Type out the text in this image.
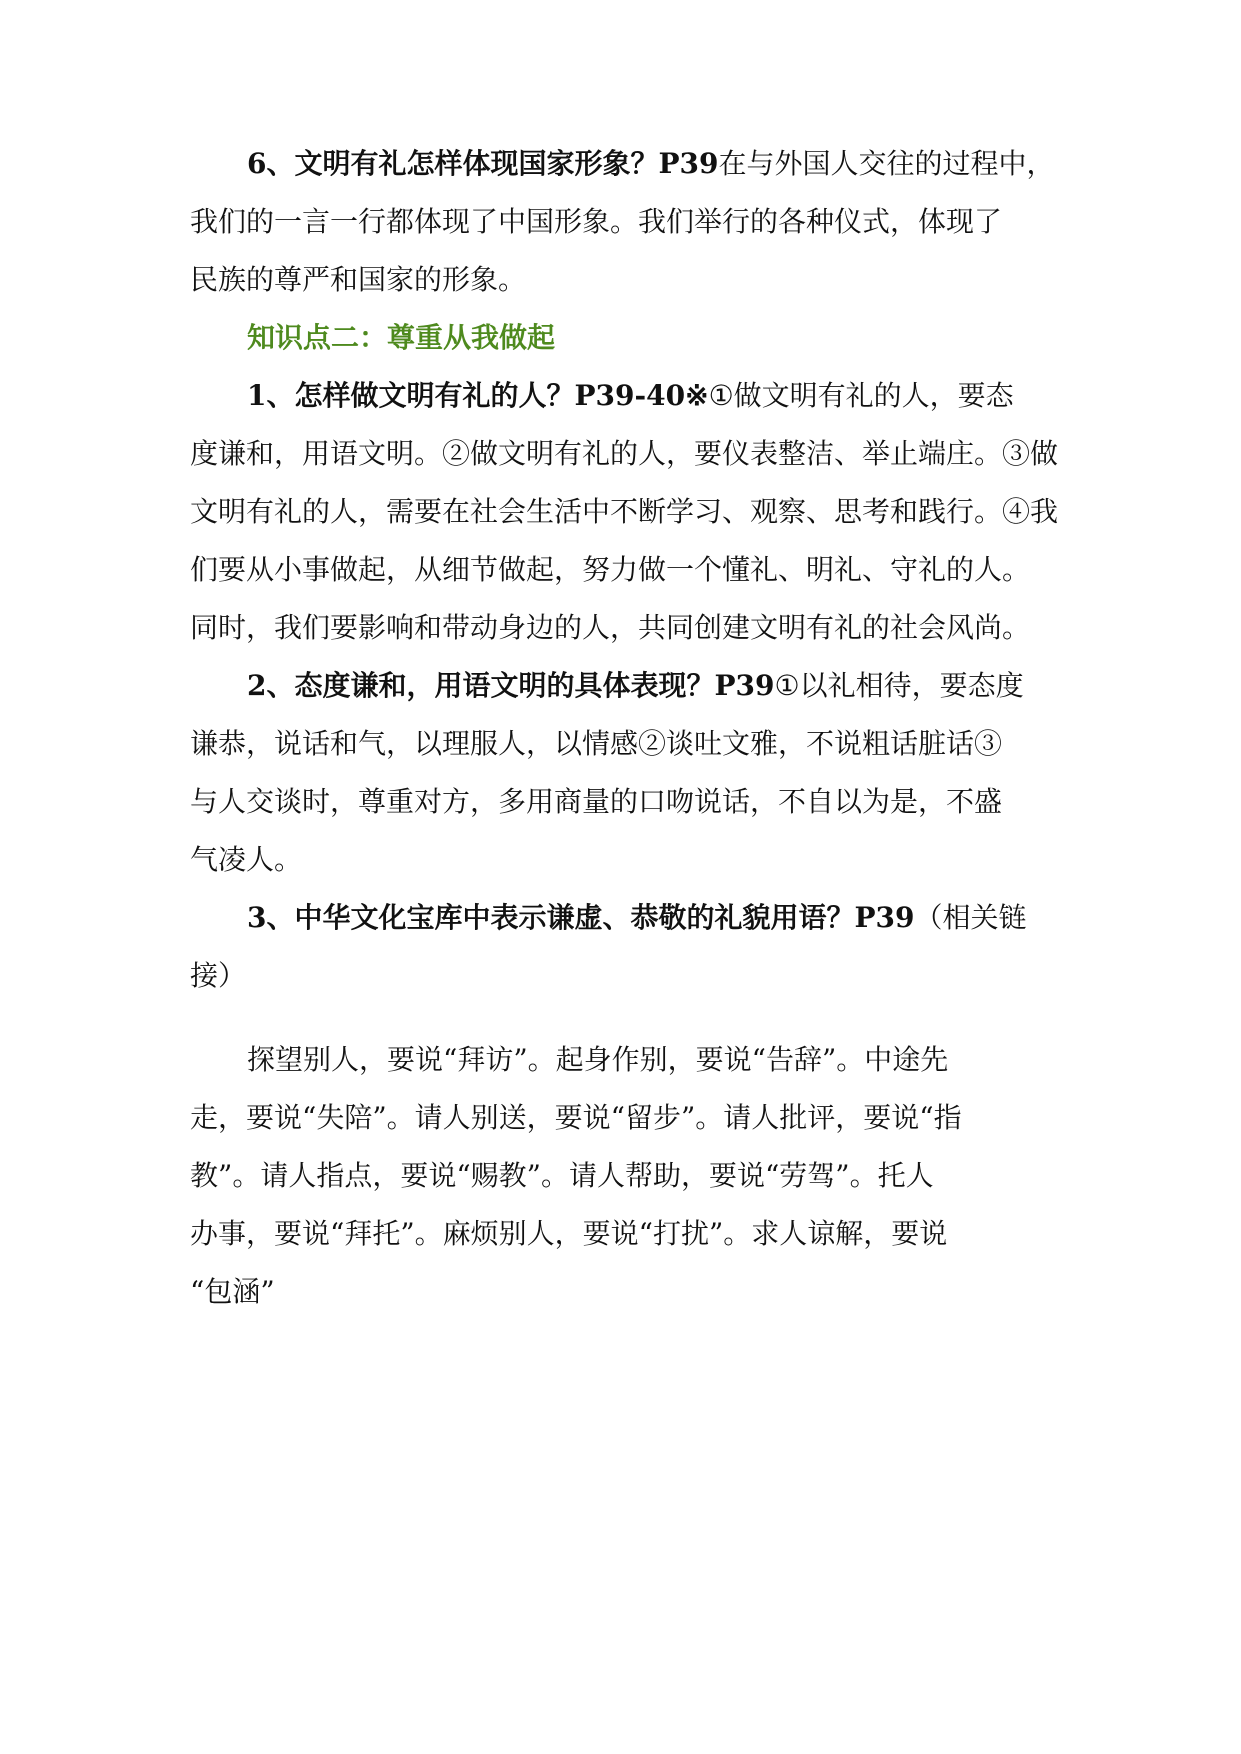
6、文明有礼怎样体现国家形象？P39在与外国人交往的过程中，
我们的一言一行都体现了中国形象。我们举行的各种仪式，体现了
民族的尊严和国家的形象。
知识点二：尊重从我做起
1、怎样做文明有礼的人？P39-40※①做文明有礼的人，要态
度谦和，用语文明。②做文明有礼的人，要仪表整洁、举止端庄。③做
文明有礼的人，需要在社会生活中不断学习、观察、思考和践行。④我
们要从小事做起，从细节做起，努力做一个懂礼、明礼、守礼的人。
同时，我们要影响和带动身边的人，共同创建文明有礼的社会风尚。
2、态度谦和，用语文明的具体表现？P39①以礼相待，要态度
谦恭，说话和气，以理服人，以情感②谈吐文雅，不说粗话脏话③
与人交谈时，尊重对方，多用商量的口吻说话，不自以为是，不盛
气凌人。
3、中华文化宝库中表示谦虚、恭敬的礼貌用语？P39（相关链
接）
探望别人，要说“拜访”。起身作别，要说“告辞”。中途先
走，要说“失陪”。请人别送，要说“留步”。请人批评，要说“指
教”。请人指点，要说“赐教”。请人帮助，要说“劳驾”。托人
办事，要说“拜托”。麻烦别人，要说“打扰”。求人谅解，要说
“包涵”
